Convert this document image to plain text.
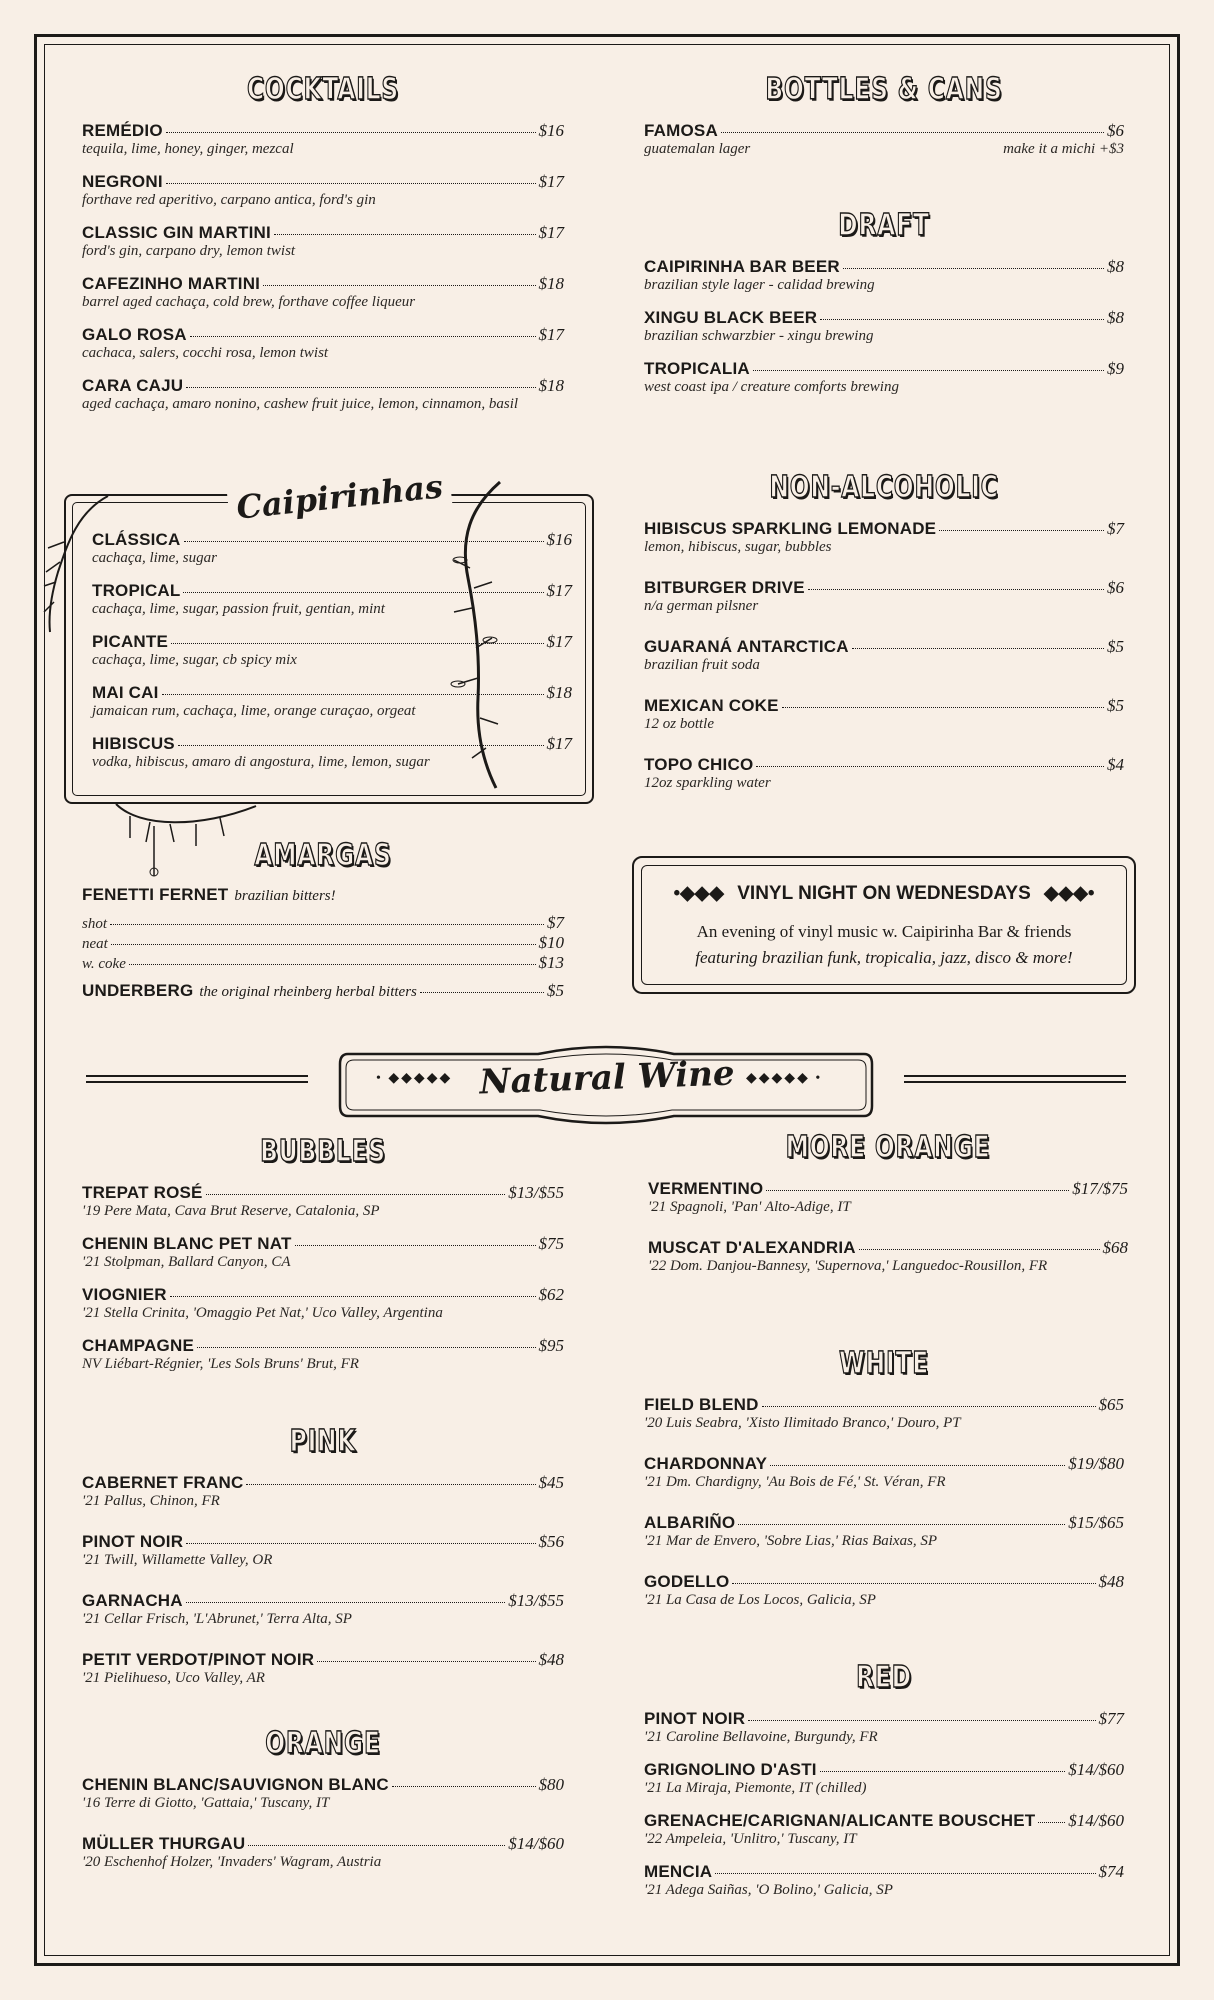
COCKTAILS
REMÉDIO	$16
tequila, lime, honey, ginger, mezcal
NEGRONI	$17
forthave red aperitivo, carpano antica, ford's gin
CLASSIC GIN MARTINI	$17
ford's gin, carpano dry, lemon twist
CAFEZINHO MARTINI	$18
barrel aged cachaça, cold brew, forthave coffee liqueur
GALO ROSA	$17
cachaca, salers, cocchi rosa, lemon twist
CARA CAJU	$18
aged cachaça, amaro nonino, cashew fruit juice, lemon, cinnamon, basil
Caipirinhas
CLÁSSICA	$16
cachaça, lime, sugar
TROPICAL	$17
cachaça, lime, sugar, passion fruit, gentian, mint
PICANTE	$17
cachaça, lime, sugar, cb spicy mix
MAI CAI	$18
jamaican rum, cachaça, lime, orange curaçao, orgeat
HIBISCUS	$17
vodka, hibiscus, amaro di angostura, lime, lemon, sugar
AMARGAS
FENETTI FERNET brazilian bitters!
shot	$7
neat	$10
w. coke	$13
UNDERBERG the original rheinberg herbal bitters	$5
BOTTLES & CANS
FAMOSA	$6
guatemalan lager	make it a michi +$3
DRAFT
CAIPIRINHA BAR BEER	$8
brazilian style lager - calidad brewing
XINGU BLACK BEER	$8
brazilian schwarzbier - xingu brewing
TROPICALIA	$9
west coast ipa / creature comforts brewing
NON-ALCOHOLIC
HIBISCUS SPARKLING LEMONADE	$7
lemon, hibiscus, sugar, bubbles
BITBURGER DRIVE	$6
n/a german pilsner
GUARANÁ ANTARCTICA	$5
brazilian fruit soda
MEXICAN COKE	$5
12 oz bottle
TOPO CHICO	$4
12oz sparkling water
•◆◆◆ VINYL NIGHT ON WEDNESDAYS ◆◆◆•
An evening of vinyl music w. Caipirinha Bar & friends
featuring brazilian funk, tropicalia, jazz, disco & more!
• ◆◆◆◆◆	◆◆◆◆◆ •
Natural Wine
BUBBLES
TREPAT ROSÉ	$13/$55
'19 Pere Mata, Cava Brut Reserve, Catalonia, SP
CHENIN BLANC PET NAT	$75
'21 Stolpman, Ballard Canyon, CA
VIOGNIER	$62
'21 Stella Crinita, 'Omaggio Pet Nat,' Uco Valley, Argentina
CHAMPAGNE	$95
NV Liébart-Régnier, 'Les Sols Bruns' Brut, FR
PINK
CABERNET FRANC	$45
'21 Pallus, Chinon, FR
PINOT NOIR	$56
'21 Twill, Willamette Valley, OR
GARNACHA	$13/$55
'21 Cellar Frisch, 'L'Abrunet,' Terra Alta, SP
PETIT VERDOT/PINOT NOIR	$48
'21 Pielihueso, Uco Valley, AR
ORANGE
CHENIN BLANC/SAUVIGNON BLANC	$80
'16 Terre di Giotto, 'Gattaia,' Tuscany, IT
MÜLLER THURGAU	$14/$60
'20 Eschenhof Holzer, 'Invaders' Wagram, Austria
MORE ORANGE
VERMENTINO	$17/$75
'21 Spagnoli, 'Pan' Alto-Adige, IT
MUSCAT D'ALEXANDRIA	$68
'22 Dom. Danjou-Bannesy, 'Supernova,' Languedoc-Rousillon, FR
WHITE
FIELD BLEND	$65
'20 Luis Seabra, 'Xisto Ilimitado Branco,' Douro, PT
CHARDONNAY	$19/$80
'21 Dm. Chardigny, 'Au Bois de Fé,' St. Véran, FR
ALBARIÑO	$15/$65
'21 Mar de Envero, 'Sobre Lias,' Rias Baixas, SP
GODELLO	$48
'21 La Casa de Los Locos, Galicia, SP
RED
PINOT NOIR	$77
'21 Caroline Bellavoine, Burgundy, FR
GRIGNOLINO D'ASTI	$14/$60
'21 La Miraja, Piemonte, IT (chilled)
GRENACHE/CARIGNAN/ALICANTE BOUSCHET $14/$60
'22 Ampeleia, 'Unlitro,' Tuscany, IT
MENCIA	$74
'21 Adega Saiñas, 'O Bolino,' Galicia, SP
